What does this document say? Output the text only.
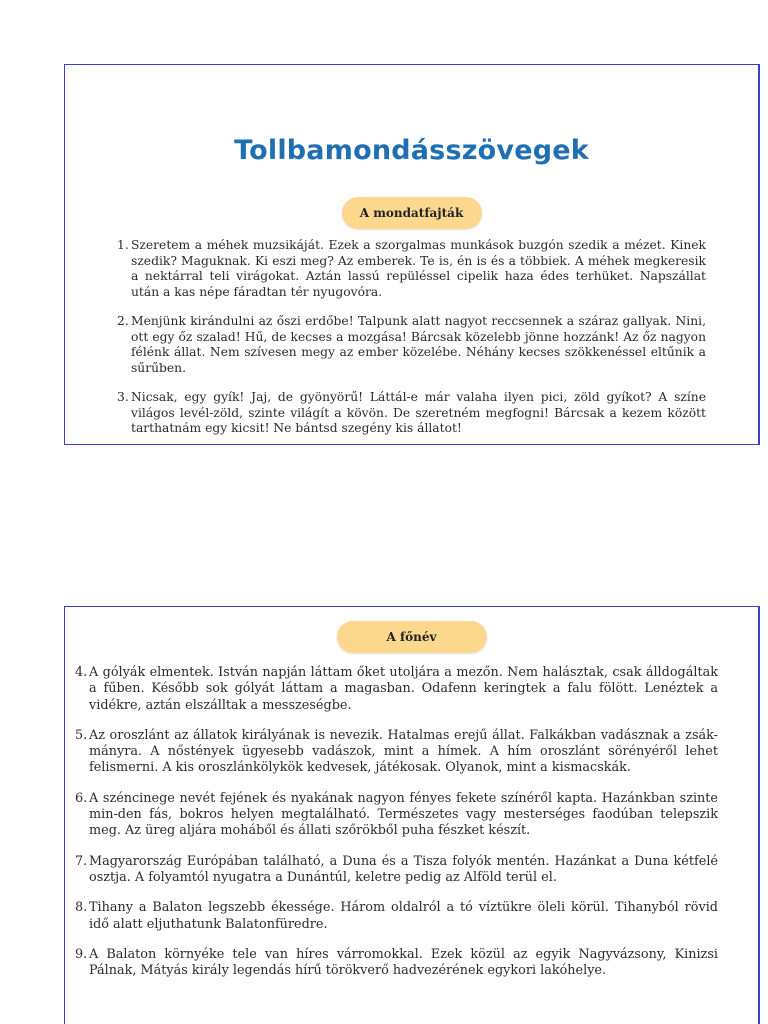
Tollbamondásszövegek
A mondatfajták
1. Szeretem a méhek muzsikáját. Ezek a szorgalmas munkások buzgón szedik a mézet. Kinek szedik? Maguknak. Ki eszi meg? Az emberek. Te is, én is és a többiek. A méhek megkeresik a nektárral teli virágokat. Aztán lassú repüléssel cipelik haza édes terhüket. Napszállat után a kas népe fáradtan tér nyugovóra.
2. Menjünk kirándulni az őszi erdőbe! Talpunk alatt nagyot reccsennek a száraz gallyak. Nini, ott egy őz szalad! Hű, de kecses a mozgása! Bárcsak közelebb jönne hozzánk! Az őz nagyon félénk állat. Nem szívesen megy az ember közelébe. Néhány kecses szökkenéssel eltűnik a sűrűben.
3. Nicsak, egy gyík! Jaj, de gyönyörű! Láttál-e már valaha ilyen pici, zöld gyíkot? A színe világos levél-zöld, szinte világít a kövön. De szeretném megfogni! Bárcsak a kezem között tarthatnám egy kicsit! Ne bántsd szegény kis állatot!
A főnév
4. A gólyák elmentek. István napján láttam őket utoljára a mezőn. Nem halásztak, csak álldogáltak a fűben. Később sok gólyát láttam a magasban. Odafenn keringtek a falu fölött. Lenéztek a vidékre, aztán elszálltak a messzeségbe.
5. Az oroszlánt az állatok királyának is nevezik. Hatalmas erejű állat. Falkákban vadásznak a zsák-mányra. A nőstények ügyesebb vadászok, mint a hímek. A hím oroszlánt sörényéről lehet felismerni. A kis oroszlánkölykök kedvesek, játékosak. Olyanok, mint a kismacskák.
6. A széncinege nevét fejének és nyakának nagyon fényes fekete színéről kapta. Hazánkban szinte min-den fás, bokros helyen megtalálható. Természetes vagy mesterséges faodúban telepszik meg. Az üreg aljára moháből és állati szőrökből puha fészket készít.
7. Magyarország Európában található, a Duna és a Tisza folyók mentén. Hazánkat a Duna kétfelé osztja. A folyamtól nyugatra a Dunántúl, keletre pedig az Alföld terül el.
8. Tihany a Balaton legszebb ékessége. Három oldalról a tó víztükre öleli körül. Tihanyból rövid idő alatt eljuthatunk Balatonfüredre.
9. A Balaton környéke tele van híres várromokkal. Ezek közül az egyik Nagyvázsony, Kinizsi Pálnak, Mátyás király legendás hírű törökverő hadvezérének egykori lakóhelye.
